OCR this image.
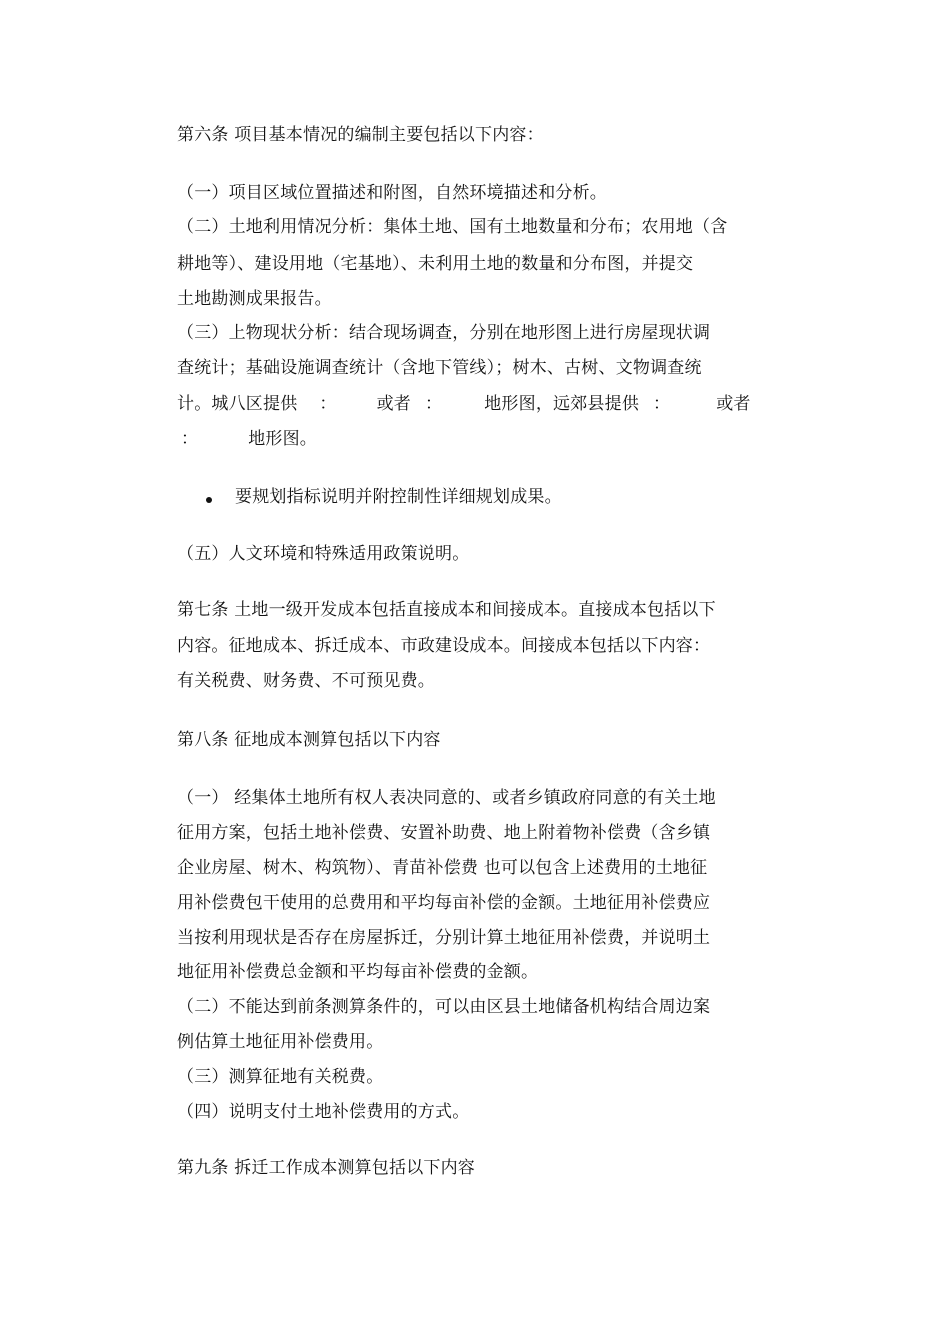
第六条 项目基本情况的编制主要包括以下内容：
（一）项目区域位置描述和附图，自然环境描述和分析。
（二）土地利用情况分析：集体土地、国有土地数量和分布；农用地（含
耕地等）、建设用地（宅基地）、未利用土地的数量和分布图，并提交
土地勘测成果报告。
（三）上物现状分析：结合现场调查，分别在地形图上进行房屋现状调
查统计；基础设施调查统计（含地下管线）；树木、古树、文物调查统
计。城八区提供 ： 或者 ： 地形图，远郊县提供 ：	或者
：	地形图。
要规划指标说明并附控制性详细规划成果。
（五）人文环境和特殊适用政策说明。
第七条 土地一级开发成本包括直接成本和间接成本。直接成本包括以下
内容。征地成本、拆迁成本、市政建设成本。间接成本包括以下内容：
有关税费、财务费、不可预见费。
第八条 征地成本测算包括以下内容
（一） 经集体土地所有权人表决同意的、或者乡镇政府同意的有关土地
征用方案，包括土地补偿费、安置补助费、地上附着物补偿费（含乡镇
企业房屋、树木、构筑物）、青苗补偿费 也可以包含上述费用的土地征
用补偿费包干使用的总费用和平均每亩补偿的金额。土地征用补偿费应
当按利用现状是否存在房屋拆迁，分别计算土地征用补偿费，并说明土
地征用补偿费总金额和平均每亩补偿费的金额。
（二）不能达到前条测算条件的，可以由区县土地储备机构结合周边案
例估算土地征用补偿费用。
（三）测算征地有关税费。
（四）说明支付土地补偿费用的方式。
第九条 拆迁工作成本测算包括以下内容
